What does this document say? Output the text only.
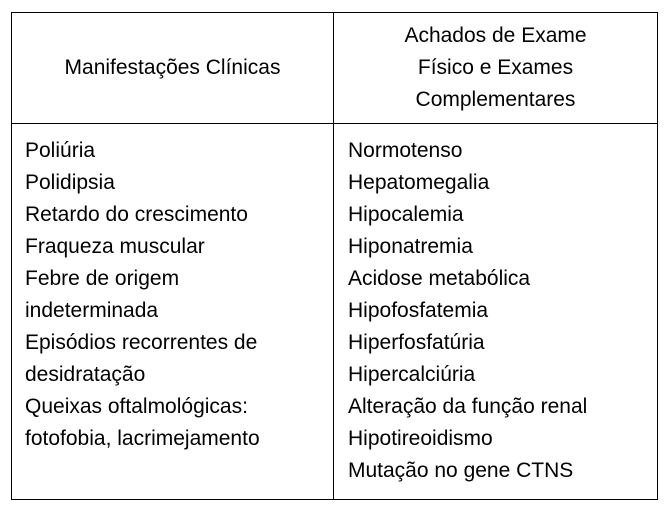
Manifestações Clínicas
Achados de Exame
Físico e Exames
Complementares
Poliúria
Polidipsia
Retardo do crescimento
Fraqueza muscular
Febre de origem
indeterminada
Episódios recorrentes de
desidratação
Queixas oftalmológicas:
fotofobia, lacrimejamento
Normotenso
Hepatomegalia
Hipocalemia
Hiponatremia
Acidose metabólica
Hipofosfatemia
Hiperfosfatúria
Hipercalciúria
Alteração da função renal
Hipotireoidismo
Mutação no gene CTNS
